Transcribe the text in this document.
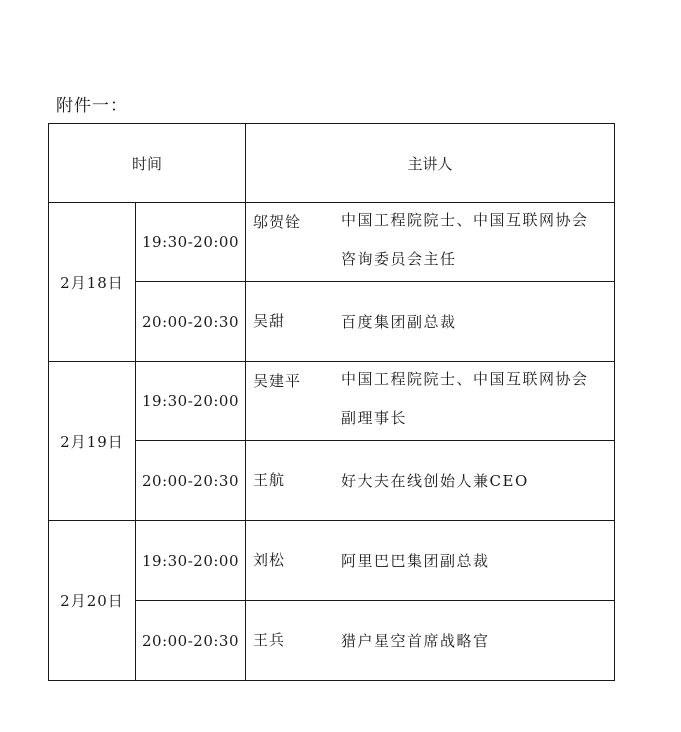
附件一：
时间		主讲人
2月18日	19:30-20:00	邬贺铨 中国工程院院士、中国互联网协会
咨询委员会主任

	20:00-20:30	吴甜 百度集团副总裁

2月19日	19:30-20:00	吴建平 中国工程院院士、中国互联网协会
副理事长

	20:00-20:30	王航 好大夫在线创始人兼CEO

2月20日	19:30-20:00	刘松 阿里巴巴集团副总裁

	20:00-20:30	王兵 猎户星空首席战略官
